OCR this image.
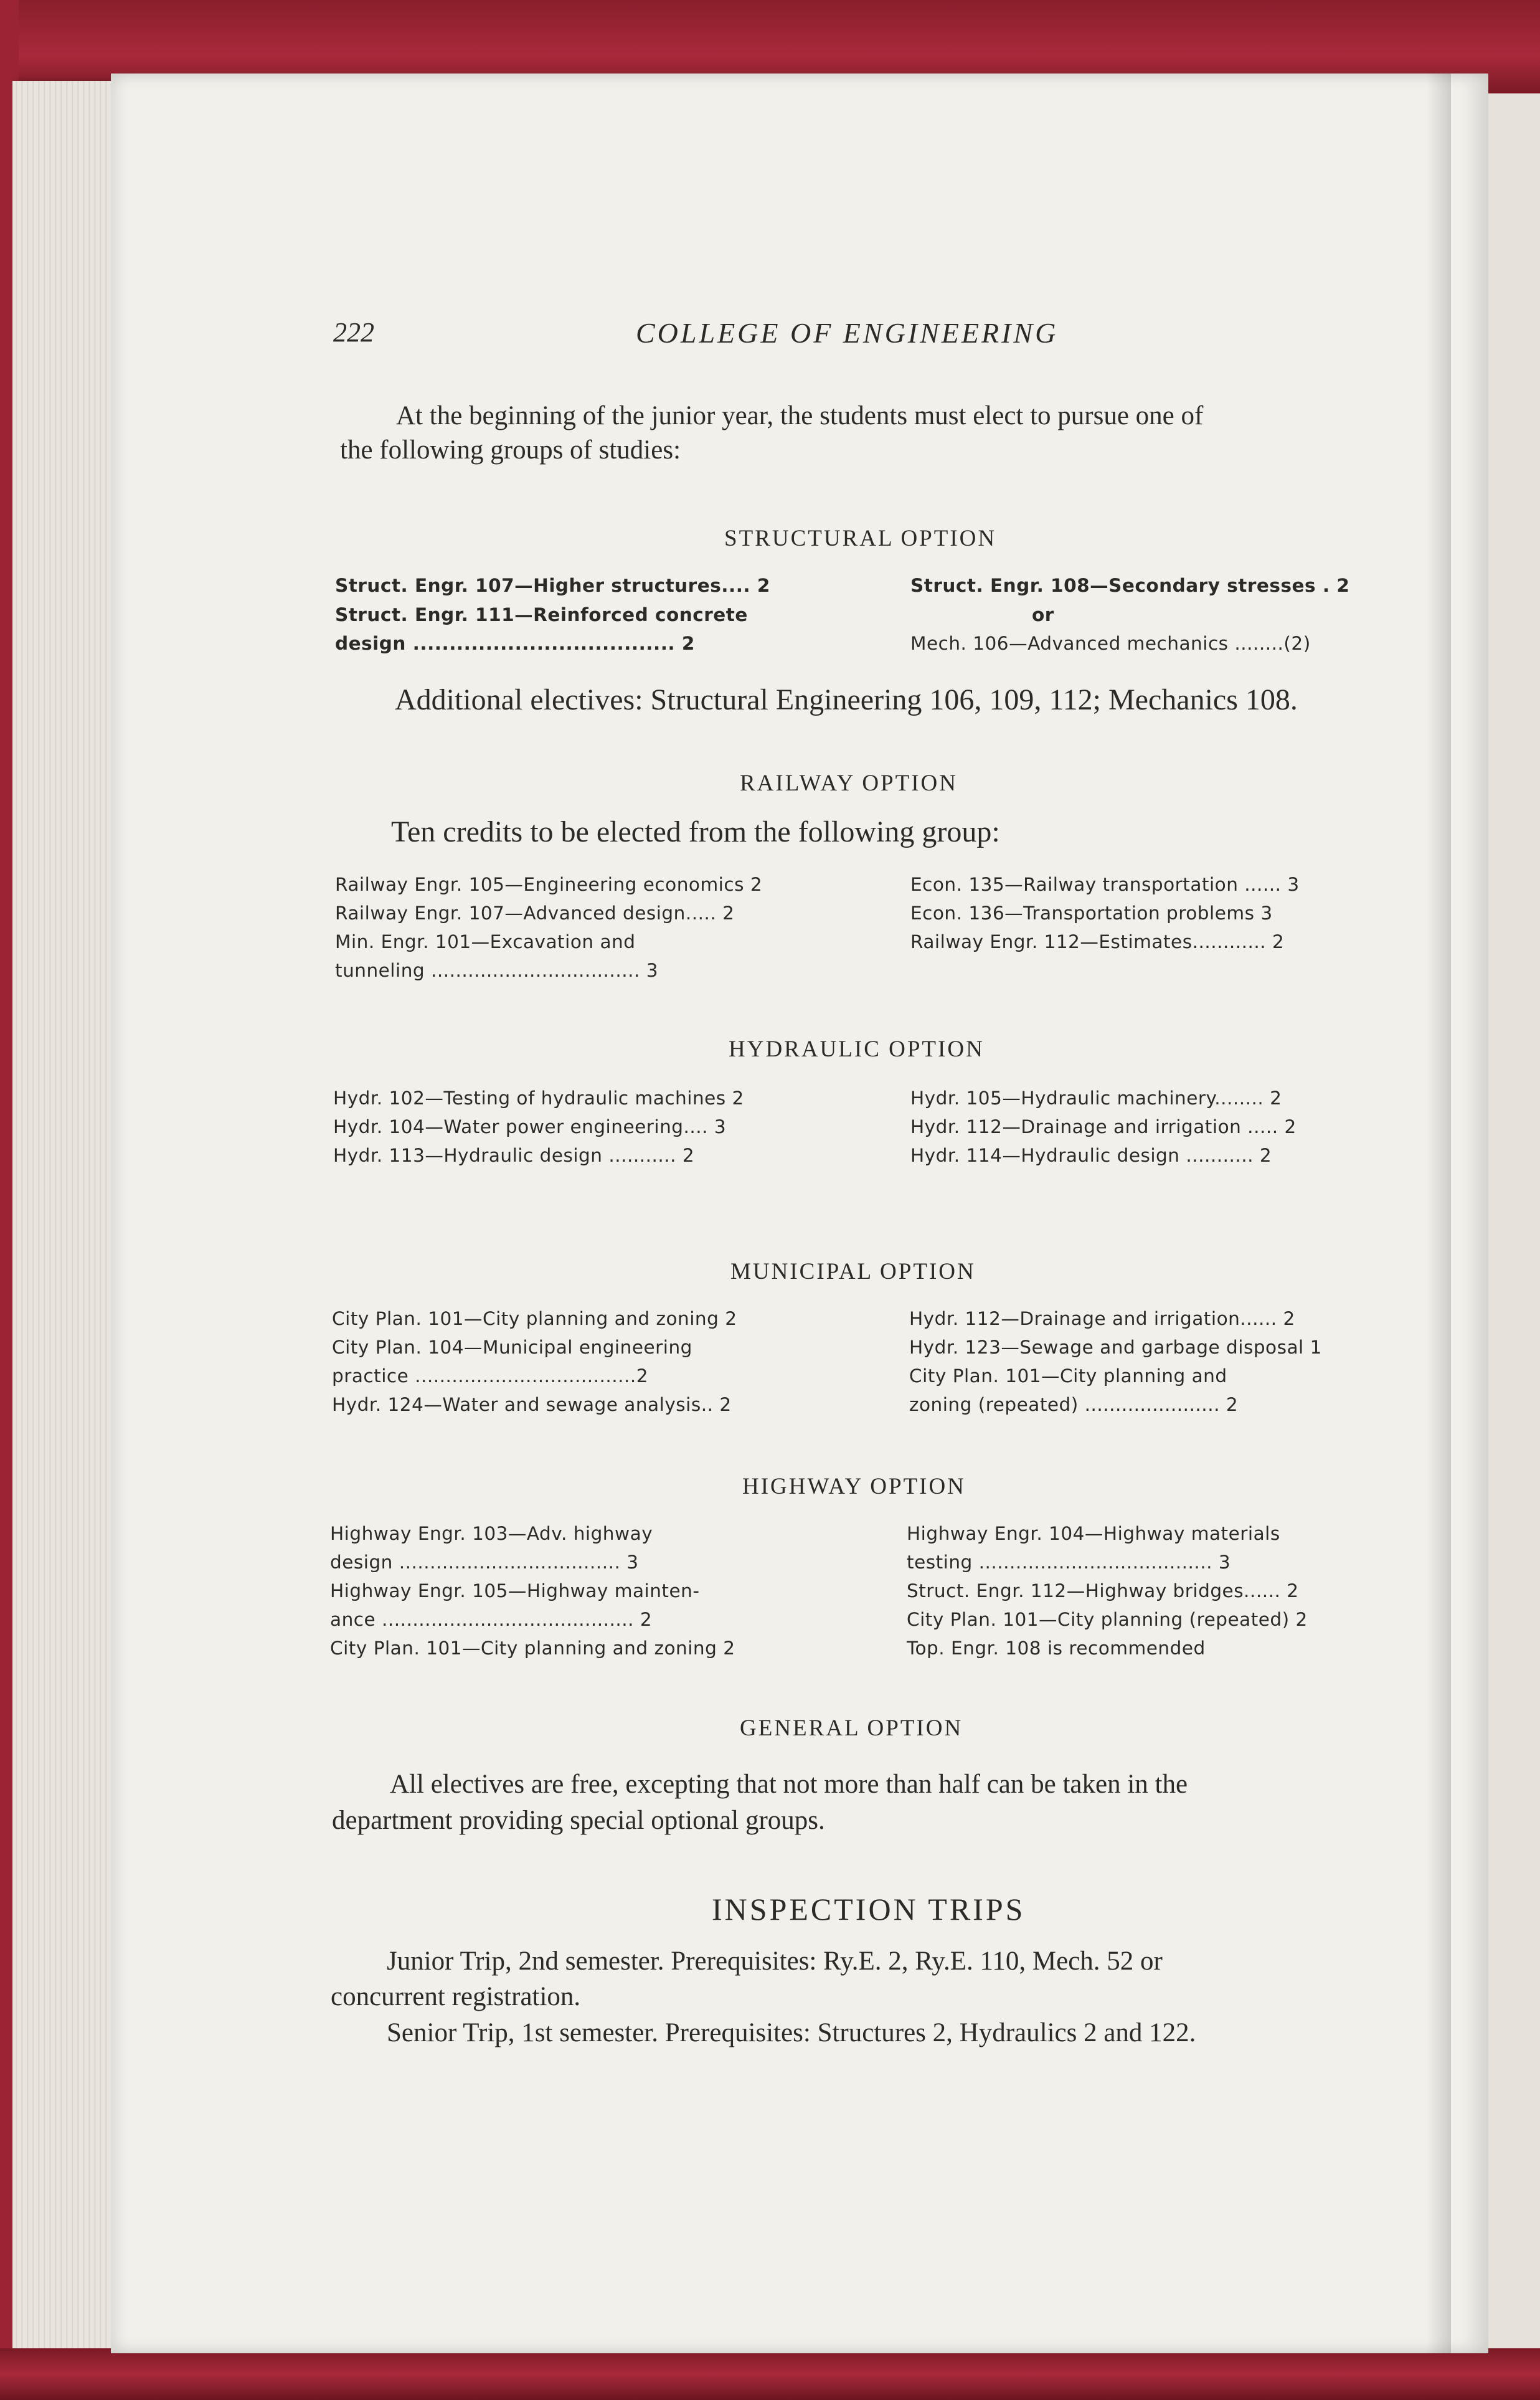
222	COLLEGE OF ENGINEERING
At the beginning of the junior year, the students must elect to pursue one of
the following groups of studies:
STRUCTURAL OPTION
Struct. Engr. 107—Higher structures.... 2
Struct. Engr. 111—Reinforced concrete
design .................................... 2
Struct. Engr. 108—Secondary stresses . 2
or
Mech. 106—Advanced mechanics ........(2)
Additional electives: Structural Engineering 106, 109, 112; Mechanics 108.
RAILWAY OPTION
Ten credits to be elected from the following group:
Railway Engr. 105—Engineering economics 2
Railway Engr. 107—Advanced design..... 2
Min. Engr. 101—Excavation and
tunneling .................................. 3
Econ. 135—Railway transportation ...... 3
Econ. 136—Transportation problems 3
Railway Engr. 112—Estimates............ 2
HYDRAULIC OPTION
Hydr. 102—Testing of hydraulic machines 2
Hydr. 104—Water power engineering.... 3
Hydr. 113—Hydraulic design ........... 2
Hydr. 105—Hydraulic machinery........ 2
Hydr. 112—Drainage and irrigation ..... 2
Hydr. 114—Hydraulic design ........... 2
MUNICIPAL OPTION
City Plan. 101—City planning and zoning 2
City Plan. 104—Municipal engineering
practice ....................................2
Hydr. 124—Water and sewage analysis.. 2
Hydr. 112—Drainage and irrigation...... 2
Hydr. 123—Sewage and garbage disposal 1
City Plan. 101—City planning and
zoning (repeated) ...................... 2
HIGHWAY OPTION
Highway Engr. 103—Adv. highway
design .................................... 3
Highway Engr. 105—Highway mainten-
ance ......................................... 2
City Plan. 101—City planning and zoning 2
Highway Engr. 104—Highway materials
testing ...................................... 3
Struct. Engr. 112—Highway bridges...... 2
City Plan. 101—City planning (repeated) 2
Top. Engr. 108 is recommended
GENERAL OPTION
All electives are free, excepting that not more than half can be taken in the
department providing special optional groups.
INSPECTION TRIPS
Junior Trip, 2nd semester. Prerequisites: Ry.E. 2, Ry.E. 110, Mech. 52 or
concurrent registration.
Senior Trip, 1st semester. Prerequisites: Structures 2, Hydraulics 2 and 122.
